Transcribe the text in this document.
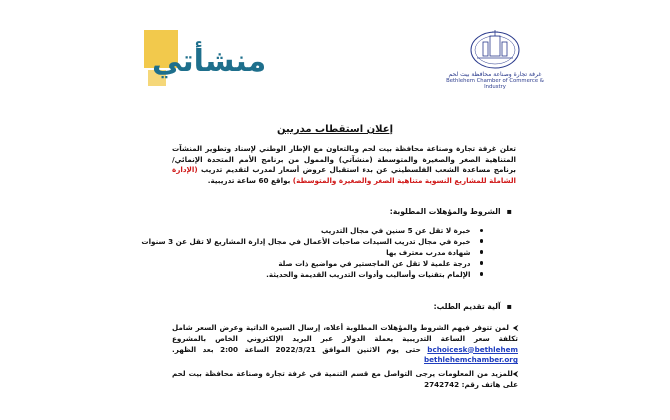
منشأتي	غرفة تجارة وصناعة محافظة بيت لحم
Bethlehem Chamber of Commerce & Industry
إعلان استقطاب مدربين
تعلن غرفة تجارة وصناعة محافظة بيت لحم وبالتعاون مع الإطار الوطني لإسناد وتطوير المنشآت المتناهية الصغر والصغيرة والمتوسطة (منشآتي) والممول من برنامج الأمم المتحدة الإنمائي/ برنامج مساعدة الشعب الفلسطيني عن بدء استقبال عروض أسعار لمدرب لتقديم تدريب (الإدارة الشاملة للمشاريع النسوية متناهية الصغر والصغيرة والمتوسطة) بواقع 60 ساعة تدريبية.
▪الشروط والمؤهلات المطلوبة:
خبرة لا تقل عن 5 سنين في مجال التدريب
خبرة في مجال تدريب السيدات صاحبات الأعمال في مجال إدارة المشاريع لا تقل عن 3 سنوات
شهادة مدرب معترف بها
درجة علمية لا تقل عن الماجستير في مواضيع ذات صلة
الإلمام بتقنيات وأساليب وأدوات التدريب القديمة والحديثة.
▪آلية تقديم الطلب:
⮜لمن تتوفر فيهم الشروط والمؤهلات المطلوبة أعلاه، إرسال السيرة الذاتية وعرض السعر شامل تكلفة سعر الساعة التدريبية بعملة الدولار عبر البريد الإلكتروني الخاص بالمشروع bchoicesk@bethlehem حتى يوم الاثنين الموافق 2022/3/21 الساعة 2:00 بعد الظهر. bethlehemchamber.org
⮜للمزيد من المعلومات يرجى التواصل مع قسم التنمية في غرفة تجارة وصناعة محافظة بيت لحم على هاتف رقم: 2742742
